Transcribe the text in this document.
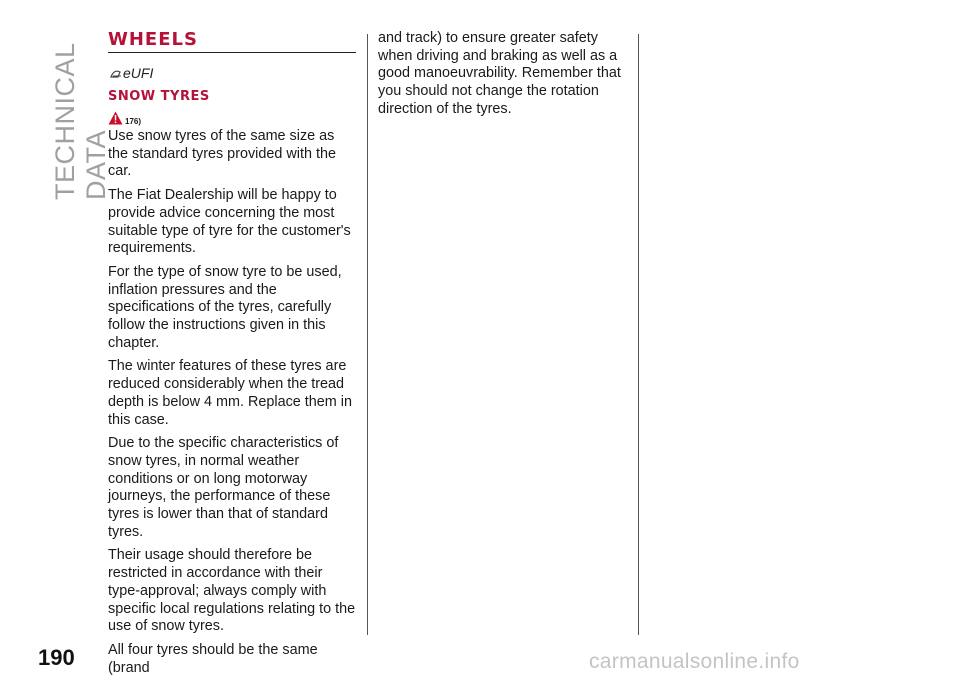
TECHNICAL DATA
WHEELS
eUFI
SNOW TYRES
176)

Use snow tyres of the same size as the standard tyres provided with the car.

The Fiat Dealership will be happy to provide advice concerning the most suitable type of tyre for the customer's requirements.

For the type of snow tyre to be used, inflation pressures and the specifications of the tyres, carefully follow the instructions given in this chapter.

The winter features of these tyres are reduced considerably when the tread depth is below 4 mm. Replace them in this case.

Due to the specific characteristics of snow tyres, in normal weather conditions or on long motorway journeys, the performance of these tyres is lower than that of standard tyres.

Their usage should therefore be restricted in accordance with their type-approval; always comply with specific local regulations relating to the use of snow tyres.

All four tyres should be the same (brand

and track) to ensure greater safety when driving and braking as well as a good manoeuvrability. Remember that you should not change the rotation direction of the tyres.

190	carmanualsonline.info
